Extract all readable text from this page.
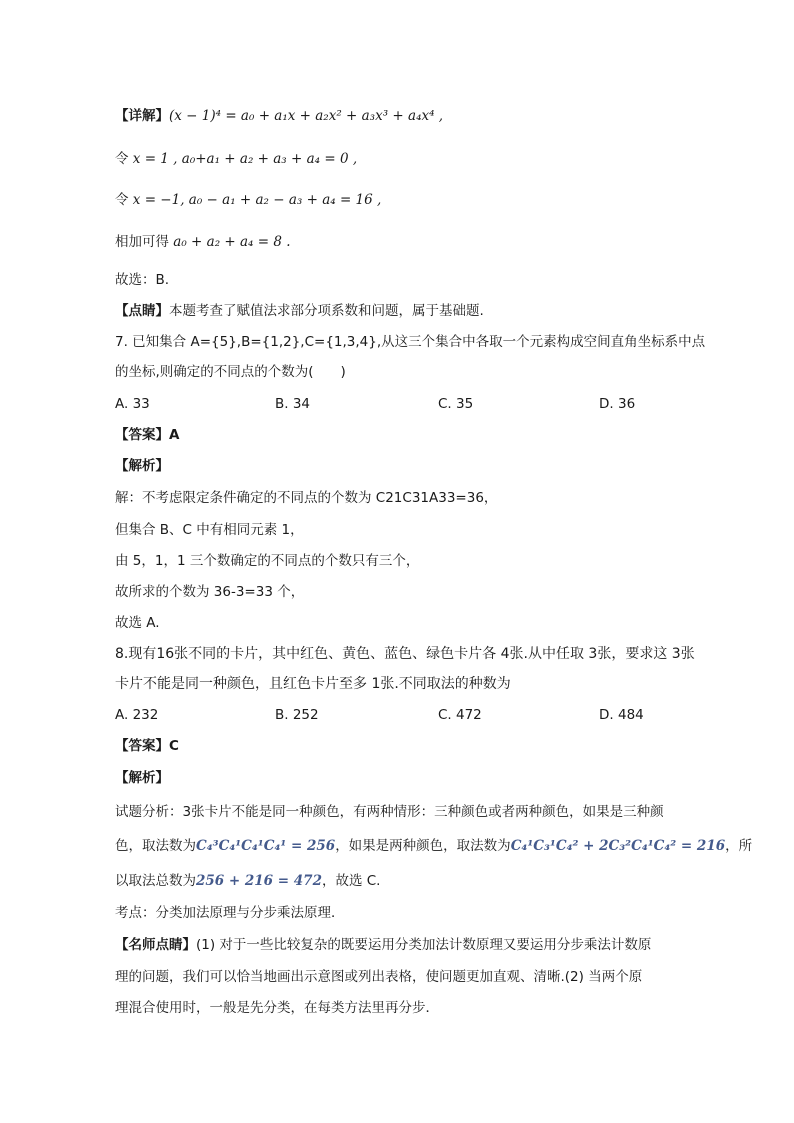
【详解】(x − 1)⁴ = a₀ + a₁x + a₂x² + a₃x³ + a₄x⁴ ,
令 x = 1 , a₀+a₁ + a₂ + a₃ + a₄ = 0 ,
令 x = −1, a₀ − a₁ + a₂ − a₃ + a₄ = 16 ,
相加可得 a₀ + a₂ + a₄ = 8 .
故选：B.
【点睛】本题考查了赋值法求部分项系数和问题，属于基础题.
7. 已知集合 A={5},B={1,2},C={1,3,4},从这三个集合中各取一个元素构成空间直角坐标系中点
的坐标,则确定的不同点的个数为(　　)
A. 33	B. 34	C. 35	D. 36
【答案】A
【解析】
解：不考虑限定条件确定的不同点的个数为 C21C31A33=36，
但集合 B、C 中有相同元素 1，
由 5，1，1 三个数确定的不同点的个数只有三个，
故所求的个数为 36-3=33 个，
故选 A.
8.现有16张不同的卡片，其中红色、黄色、蓝色、绿色卡片各 4张.从中任取 3张，要求这 3张
卡片不能是同一种颜色，且红色卡片至多 1张.不同取法的种数为
A. 232	B. 252	C. 472	D. 484
【答案】C
【解析】
试题分析：3张卡片不能是同一种颜色，有两种情形：三种颜色或者两种颜色，如果是三种颜
色，取法数为C₄³C₄¹C₄¹C₄¹ = 256，如果是两种颜色，取法数为C₄¹C₃¹C₄² + 2C₃²C₄¹C₄² = 216，所
以取法总数为256 + 216 = 472，故选 C.
考点：分类加法原理与分步乘法原理．
【名师点睛】(1) 对于一些比较复杂的既要运用分类加法计数原理又要运用分步乘法计数原
理的问题，我们可以恰当地画出示意图或列出表格，使问题更加直观、清晰.(2) 当两个原
理混合使用时，一般是先分类，在每类方法里再分步．
